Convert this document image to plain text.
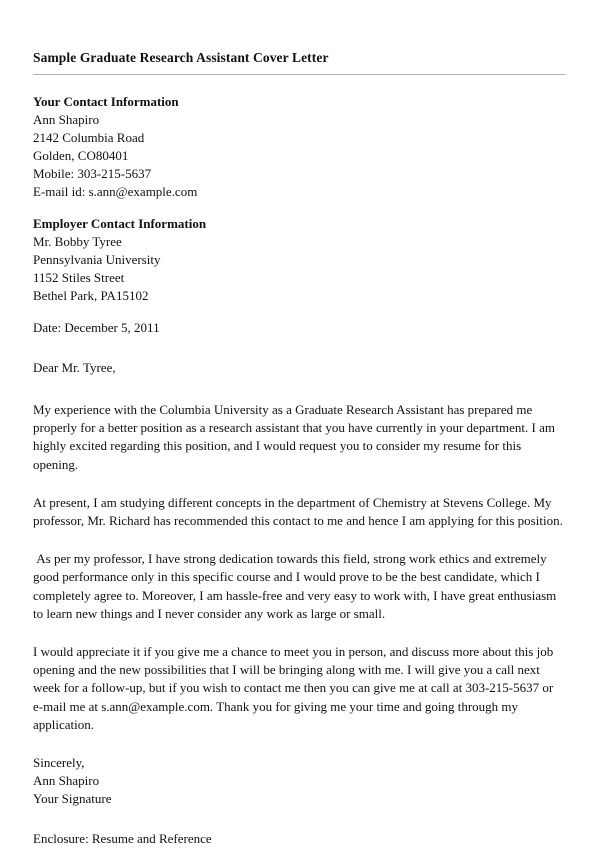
Sample Graduate Research Assistant Cover Letter
Your Contact Information
Ann Shapiro
2142 Columbia Road
Golden, CO80401
Mobile: 303-215-5637
E-mail id: s.ann@example.com
Employer Contact Information
Mr. Bobby Tyree
Pennsylvania University
1152 Stiles Street
Bethel Park, PA15102
Date: December 5, 2011
Dear Mr. Tyree,

My experience with the Columbia University as a Graduate Research Assistant has prepared me properly for a better position as a research assistant that you have currently in your department. I am highly excited regarding this position, and I would request you to consider my resume for this opening.

At present, I am studying different concepts in the department of Chemistry at Stevens College. My professor, Mr. Richard has recommended this contact to me and hence I am applying for this position.

As per my professor, I have strong dedication towards this field, strong work ethics and extremely good performance only in this specific course and I would prove to be the best candidate, which I completely agree to. Moreover, I am hassle-free and very easy to work with, I have great enthusiasm to learn new things and I never consider any work as large or small.

I would appreciate it if you give me a chance to meet you in person, and discuss more about this job opening and the new possibilities that I will be bringing along with me. I will give you a call next week for a follow-up, but if you wish to contact me then you can give me at call at 303-215-5637 or e-mail me at s.ann@example.com. Thank you for giving me your time and going through my application.

Sincerely,
Ann Shapiro
Your Signature
Enclosure: Resume and Reference
